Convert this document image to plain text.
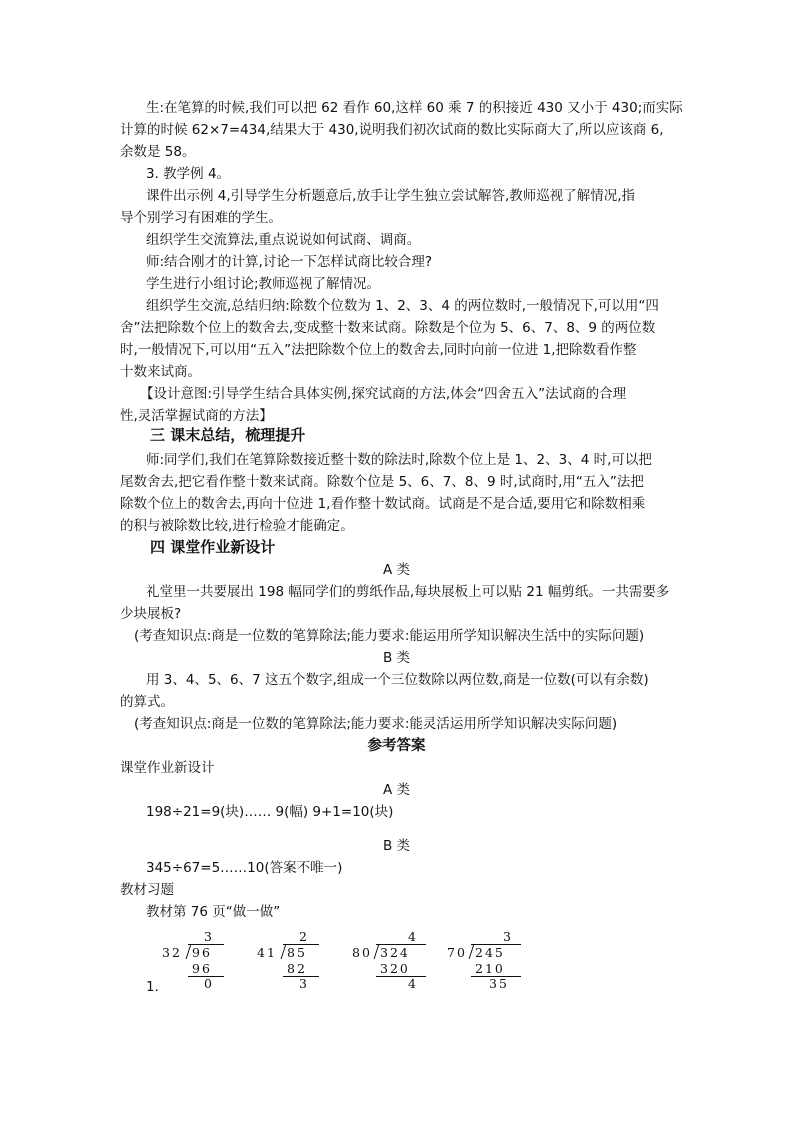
生:在笔算的时候,我们可以把 62 看作 60,这样 60 乘 7 的积接近 430 又小于 430;而实际
计算的时候 62×7=434,结果大于 430,说明我们初次试商的数比实际商大了,所以应该商 6,
余数是 58。
3. 教学例 4。
课件出示例 4,引导学生分析题意后,放手让学生独立尝试解答,教师巡视了解情况,指
导个别学习有困难的学生。
组织学生交流算法,重点说说如何试商、调商。
师:结合刚才的计算,讨论一下怎样试商比较合理?
学生进行小组讨论;教师巡视了解情况。
组织学生交流,总结归纳:除数个位数为 1、2、3、4 的两位数时,一般情况下,可以用“四
舍”法把除数个位上的数舍去,变成整十数来试商。除数是个位为 5、6、7、8、9 的两位数
时,一般情况下,可以用“五入”法把除数个位上的数舍去,同时向前一位进 1,把除数看作整
十数来试商。
【设计意图:引导学生结合具体实例,探究试商的方法,体会“四舍五入”法试商的合理
性,灵活掌握试商的方法】
三 课末总结，梳理提升
师:同学们,我们在笔算除数接近整十数的除法时,除数个位上是 1、2、3、4 时,可以把
尾数舍去,把它看作整十数来试商。除数个位是 5、6、7、8、9 时,试商时,用“五入”法把
除数个位上的数舍去,再向十位进 1,看作整十数试商。试商是不是合适,要用它和除数相乘
的积与被除数比较,进行检验才能确定。
四 课堂作业新设计
A 类
礼堂里一共要展出 198 幅同学们的剪纸作品,每块展板上可以贴 21 幅剪纸。一共需要多
少块展板?
(考查知识点:商是一位数的笔算除法;能力要求:能运用所学知识解决生活中的实际问题)
B 类
用 3、4、5、6、7 这五个数字,组成一个三位数除以两位数,商是一位数(可以有余数)
的算式。
(考查知识点:商是一位数的笔算除法;能力要求:能灵活运用所学知识解决实际问题)
参考答案
课堂作业新设计
A 类
198÷21=9(块)…… 9(幅) 9+1=10(块)
B 类
345÷67=5……10(答案不唯一)
教材习题
教材第 76 页“做一做”
3
32 96
96
0
2
41 85
82
3
4
80 324
320
4
3
70 245
210
35
1.
